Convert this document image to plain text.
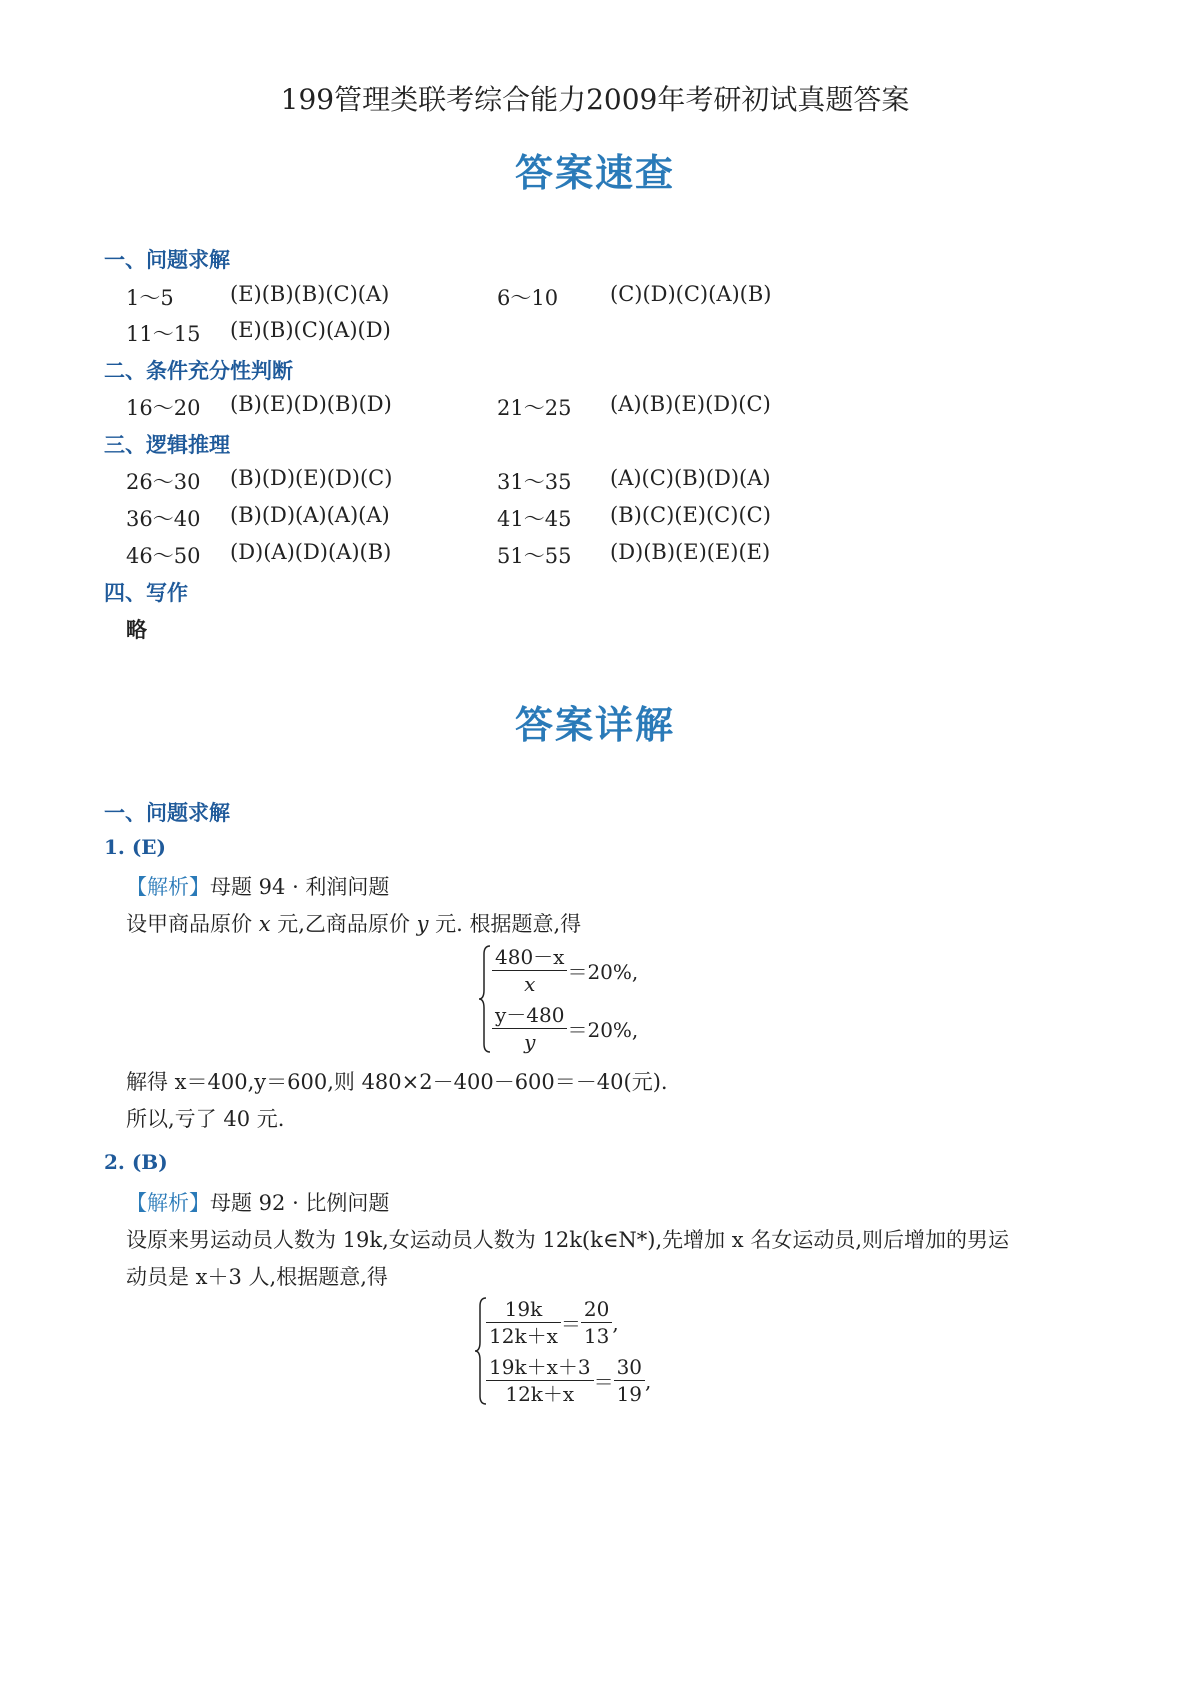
199管理类联考综合能力2009年考研初试真题答案
答案速查
一、问题求解
1～5	(E)(B)(B)(C)(A)	6～10 (C)(D)(C)(A)(B)
11～15 (E)(B)(C)(A)(D)
二、条件充分性判断
16～20 (B)(E)(D)(B)(D)	21～25 (A)(B)(E)(D)(C)
三、逻辑推理
26～30 (B)(D)(E)(D)(C)	31～35 (A)(C)(B)(D)(A)
36～40 (B)(D)(A)(A)(A)	41～45 (B)(C)(E)(C)(C)
46～50 (D)(A)(D)(A)(B)	51～55 (D)(B)(E)(E)(E)
四、写作
略
答案详解
一、问题求解
1. (E)
【解析】母题 94 · 利润问题
设甲商品原价 x 元,乙商品原价 y 元. 根据题意,得
$\frac{480-x}{x} =20\%$,
$\frac{y-480}{y} =20\%$,
解得 x＝400,y＝600,则 480×2－400－600＝－40(元).
所以,亏了 40 元.
2. (B)
【解析】母题 92 · 比例问题
设原来男运动员人数为 19k,女运动员人数为 12k(k∈N*),先增加 x 名女运动员,则后增加的男运
动员是 x＋3 人,根据题意,得
$\frac{19k}{12k+x} = \frac{20}{13}$ ,
$\frac{19k+x+3}{12k+x} = \frac{30}{19}$ ,
